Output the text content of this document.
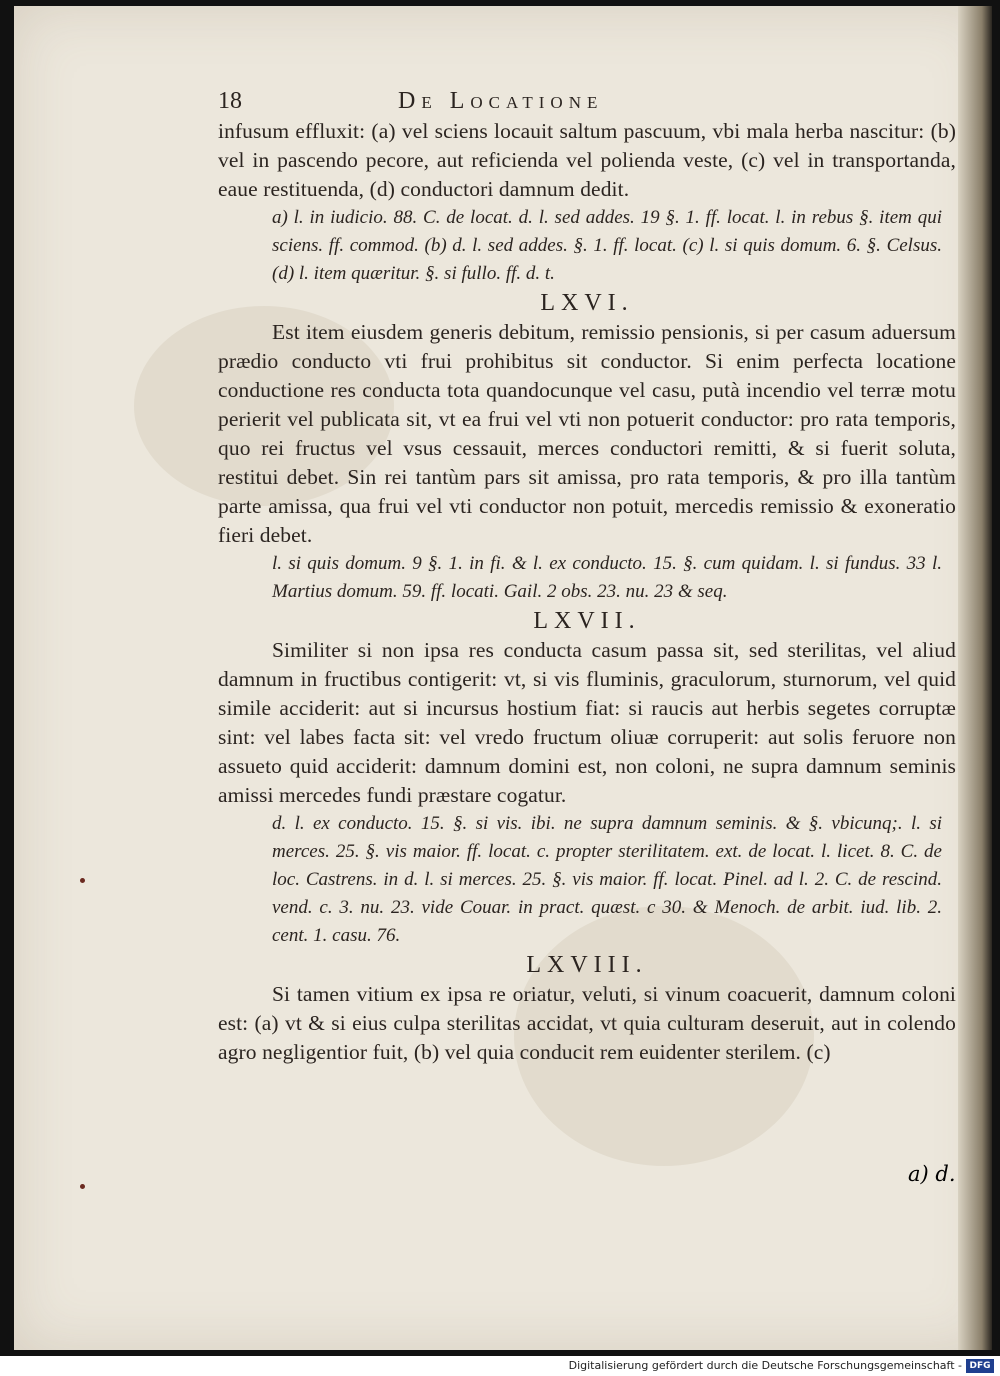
18	De Locatione

infusum effluxit: (a) vel sciens locauit saltum pascuum, vbi mala herba nascitur: (b) vel in pascendo pecore, aut reficienda vel polienda veste, (c) vel in transportanda, eaue restituenda, (d) conductori damnum dedit.

a) l. in iudicio. 88. C. de locat. d. l. sed addes. 19 §. 1. ff. locat. l. in rebus §. item qui sciens. ff. commod. (b) d. l. sed addes. §. 1. ff. locat. (c) l. si quis domum. 6. §. Celsus. (d) l. item quæritur. §. si fullo. ff. d. t.

LXVI.

Est item eiusdem generis debitum, remissio pensionis, si per casum aduersum prædio conducto vti frui prohibitus sit conductor. Si enim perfecta locatione conductione res conducta tota quandocunque vel casu, putà incendio vel terræ motu perierit vel publicata sit, vt ea frui vel vti non potuerit conductor: pro rata temporis, quo rei fructus vel vsus cessauit, merces conductori remitti, & si fuerit soluta, restitui debet. Sin rei tantùm pars sit amissa, pro rata temporis, & pro illa tantùm parte amissa, qua frui vel vti conductor non potuit, mercedis remissio & exoneratio fieri debet.

l. si quis domum. 9 §. 1. in fi. & l. ex conducto. 15. §. cum quidam. l. si fundus. 33 l. Martius domum. 59. ff. locati. Gail. 2 obs. 23. nu. 23 & seq.

LXVII.

Similiter si non ipsa res conducta casum passa sit, sed sterilitas, vel aliud damnum in fructibus contigerit: vt, si vis fluminis, graculorum, sturnorum, vel quid simile acciderit: aut si incursus hostium fiat: si raucis aut herbis segetes corruptæ sint: vel labes facta sit: vel vredo fructum oliuæ corruperit: aut solis feruore non assueto quid acciderit: damnum domini est, non coloni, ne supra damnum seminis amissi mercedes fundi præstare cogatur.

d. l. ex conducto. 15. §. si vis. ibi. ne supra damnum seminis. & §. vbicunq;. l. si merces. 25. §. vis maior. ff. locat. c. propter sterilitatem. ext. de locat. l. licet. 8. C. de loc. Castrens. in d. l. si merces. 25. §. vis maior. ff. locat. Pinel. ad l. 2. C. de rescind. vend. c. 3. nu. 23. vide Couar. in pract. quæst. c 30. & Menoch. de arbit. iud. lib. 2. cent. 1. casu. 76.

LXVIII.

Si tamen vitium ex ipsa re oriatur, veluti, si vinum coacuerit, damnum coloni est: (a) vt & si eius culpa sterilitas accidat, vt quia culturam deseruit, aut in colendo agro negligentior fuit, (b) vel quia conducit rem euidenter sterilem. (c)

a) d.
Digitalisierung gefördert durch die Deutsche Forschungsgemeinschaft - DFG
